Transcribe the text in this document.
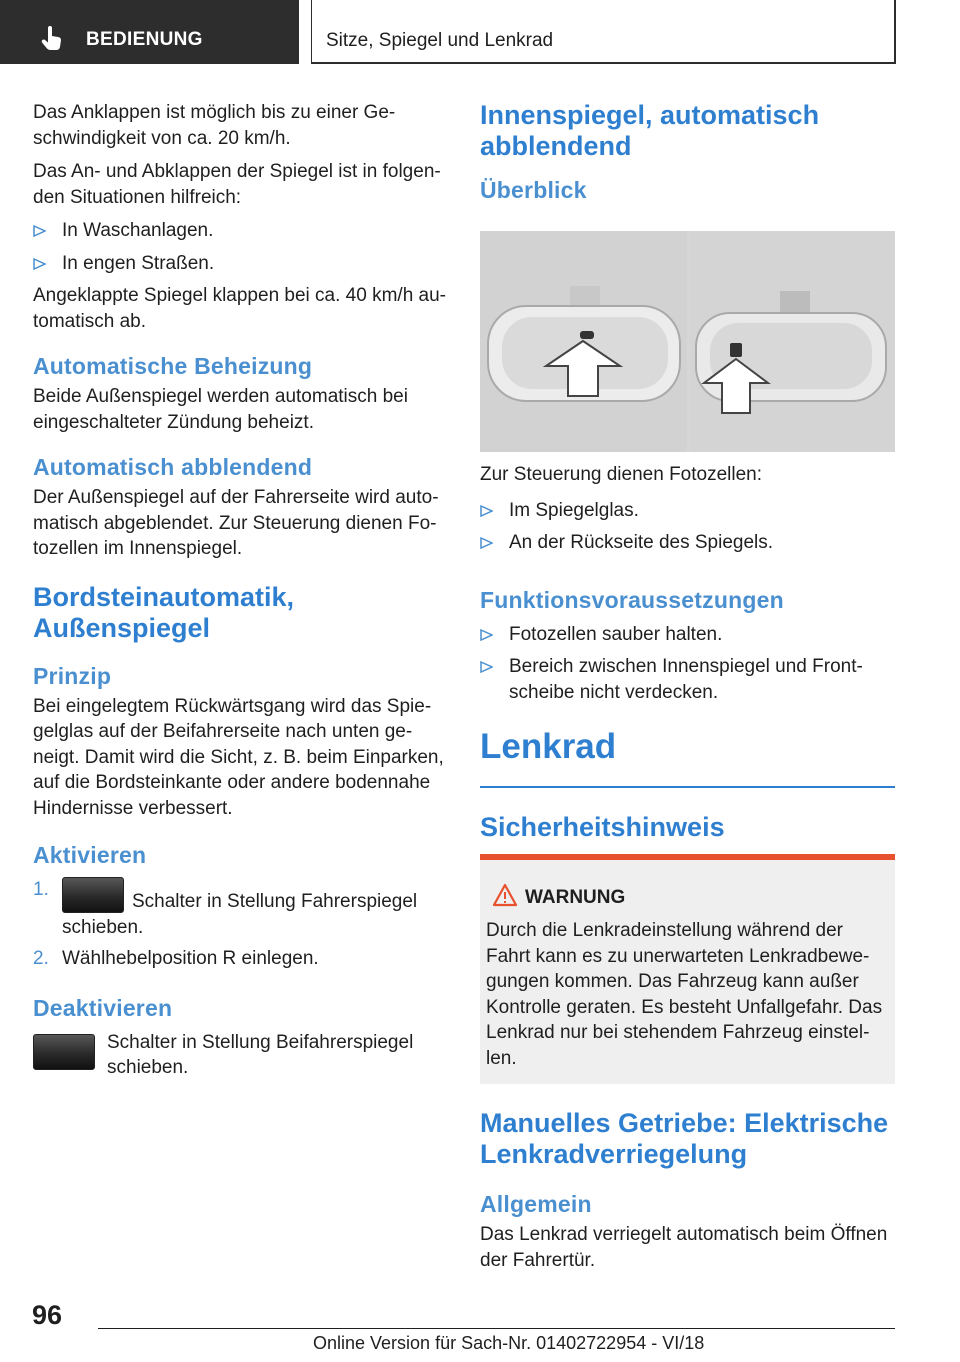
BEDIENUNG	Sitze, Spiegel und Lenkrad

Das Anklappen ist möglich bis zu einer Ge-schwindigkeit von ca. 20 km/h.

Das An- und Abklappen der Spiegel ist in folgen-den Situationen hilfreich:

In Waschanlagen.
In engen Straßen.

Angeklappte Spiegel klappen bei ca. 40 km/h au-tomatisch ab.

Automatische Beheizung

Beide Außenspiegel werden automatisch bei eingeschalteter Zündung beheizt.

Automatisch abblendend

Der Außenspiegel auf der Fahrerseite wird auto-matisch abgeblendet. Zur Steuerung dienen Fo-tozellen im Innenspiegel.

Bordsteinautomatik, Außenspiegel
Prinzip

Bei eingelegtem Rückwärtsgang wird das Spie-gelglas auf der Beifahrerseite nach unten ge-neigt. Damit wird die Sicht, z. B. beim Einparken, auf die Bordsteinkante oder andere bodennahe Hindernisse verbessert.

Aktivieren
1.
Schalter in Stellung Fahrerspiegel schieben.
2. Wählhebelposition R einlegen.
Deaktivieren
Schalter in Stellung Beifahrerspiegel schieben.
Innenspiegel, automatisch abblendend
Überblick

Zur Steuerung dienen Fotozellen:

Im Spiegelglas.
An der Rückseite des Spiegels.
Funktionsvoraussetzungen
Fotozellen sauber halten.
Bereich zwischen Innenspiegel und Front-scheibe nicht verdecken.
Lenkrad
Sicherheitshinweis
WARNUNG
Durch die Lenkradeinstellung während der Fahrt kann es zu unerwarteten Lenkradbewe-gungen kommen. Das Fahrzeug kann außer Kontrolle geraten. Es besteht Unfallgefahr. Das Lenkrad nur bei stehendem Fahrzeug einstel-len.
Manuelles Getriebe: Elektrische Lenkradverriegelung
Allgemein

Das Lenkrad verriegelt automatisch beim Öffnen der Fahrertür.

96
Online Version für Sach-Nr. 01402722954 - VI/18
